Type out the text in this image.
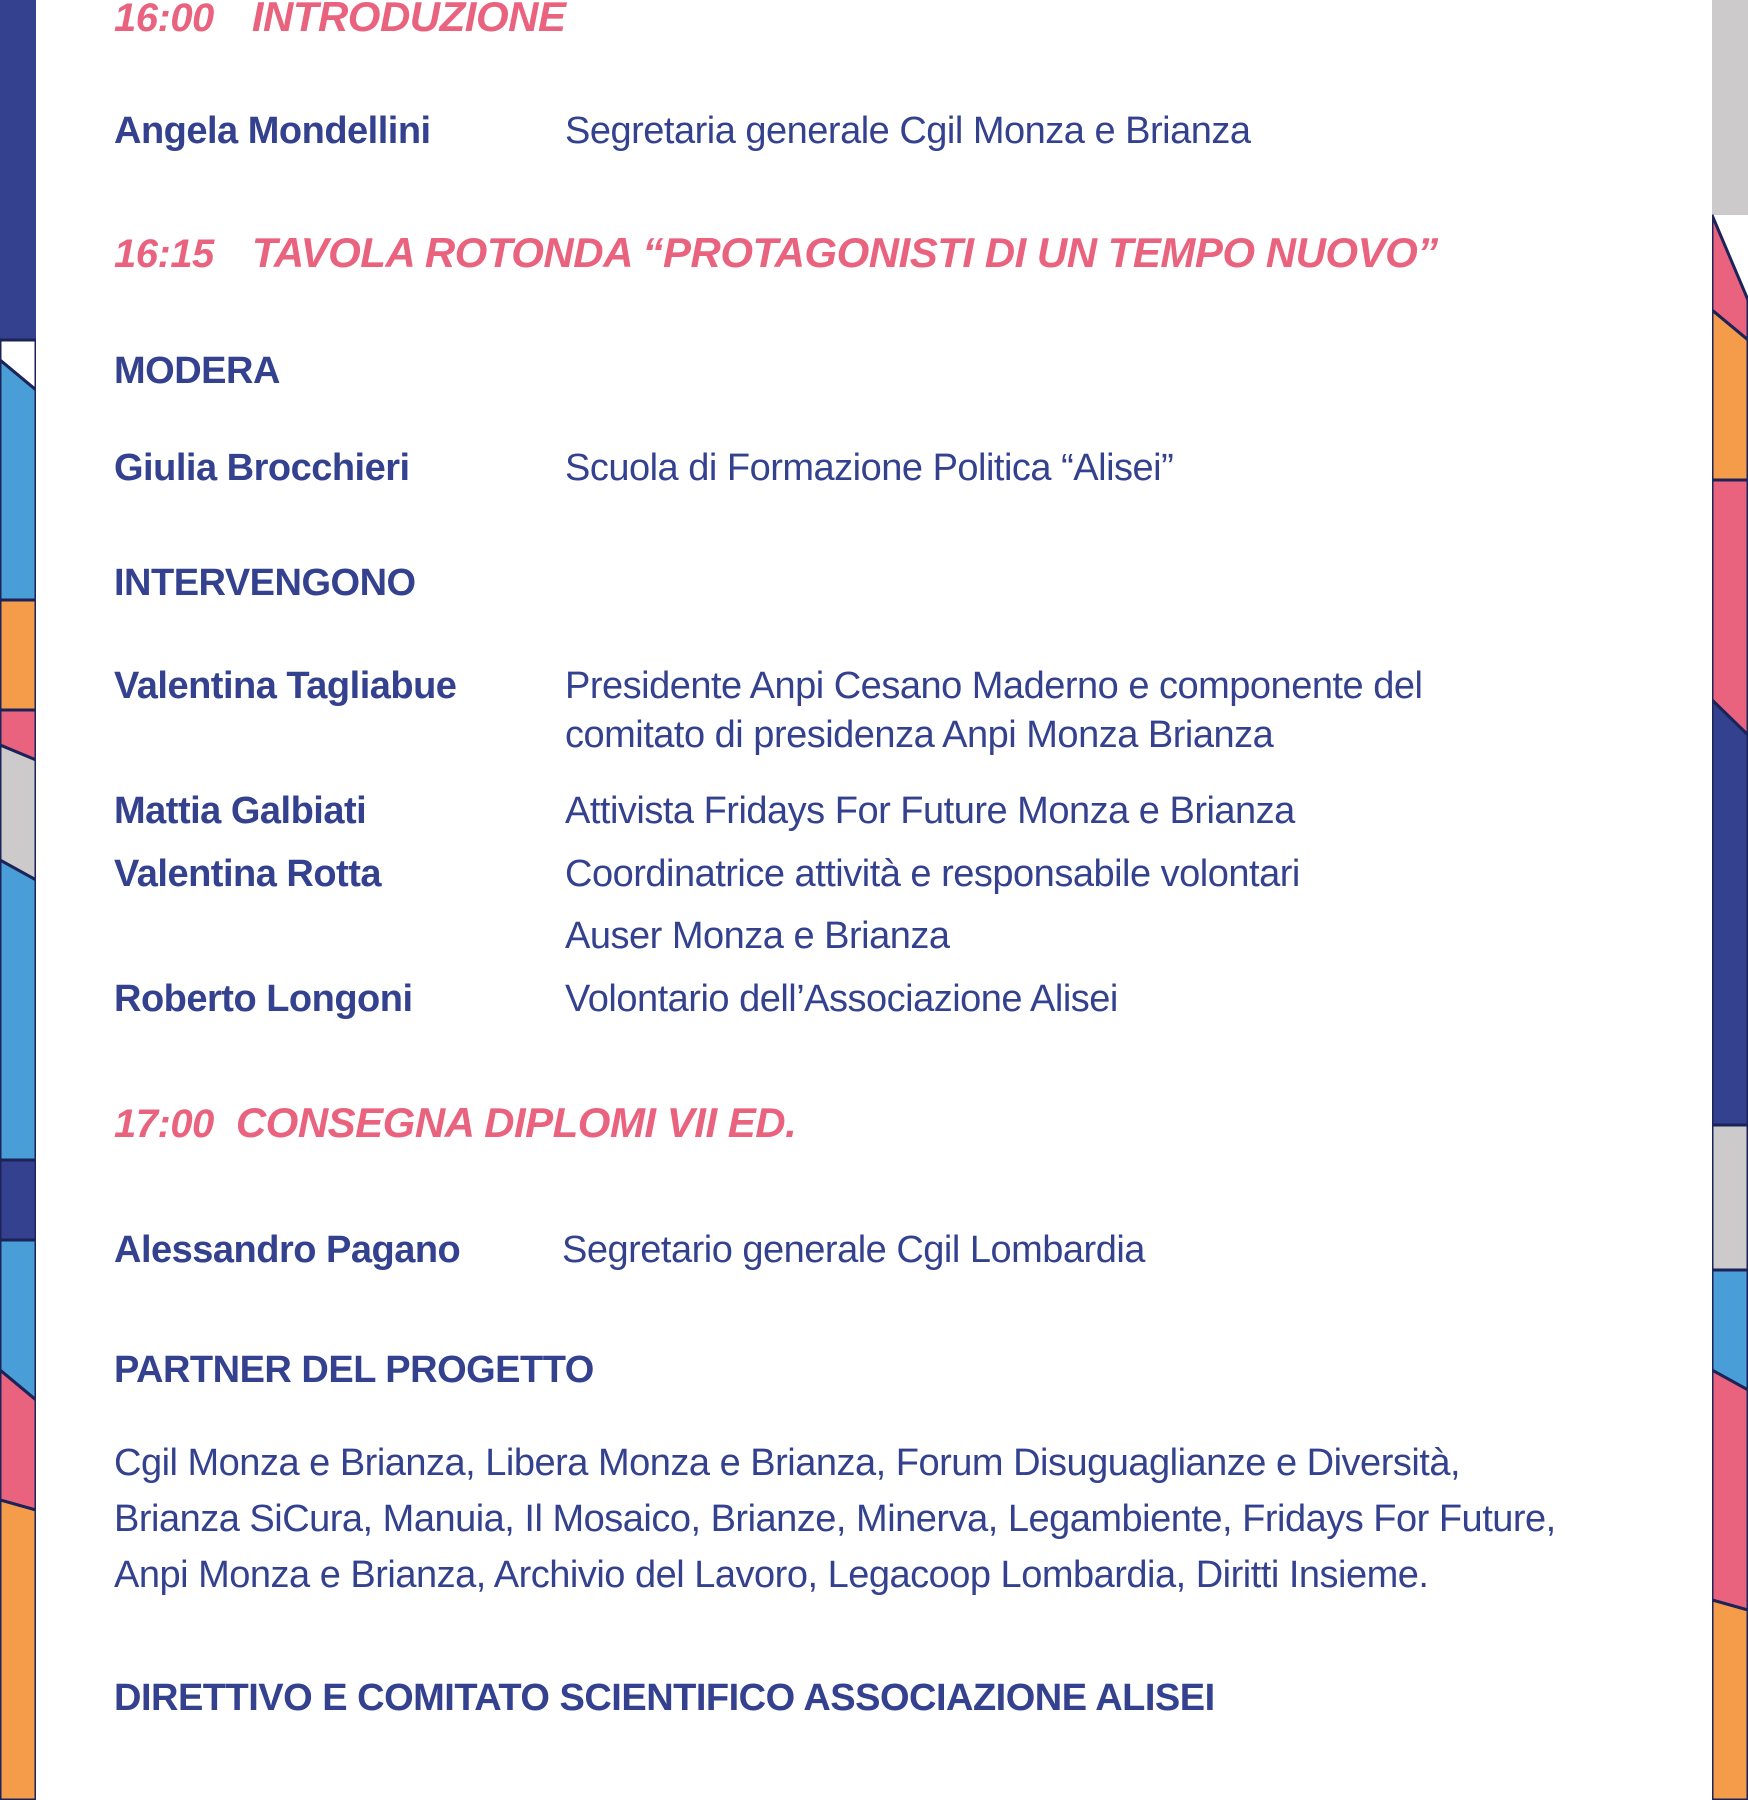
16:00 INTRODUZIONE
Angela Mondellini	Segretaria generale Cgil Monza e Brianza
16:15 TAVOLA ROTONDA “PROTAGONISTI DI UN TEMPO NUOVO”
MODERA
Giulia Brocchieri	Scuola di Formazione Politica “Alisei”
INTERVENGONO
Valentina Tagliabue	Presidente Anpi Cesano Maderno e componente del
comitato di presidenza Anpi Monza Brianza
Mattia Galbiati	Attivista Fridays For Future Monza e Brianza
Valentina Rotta	Coordinatrice attività e responsabile volontari
Auser Monza e Brianza
Roberto Longoni	Volontario dell’Associazione Alisei
17:00 CONSEGNA DIPLOMI VII ED.
Alessandro Pagano	Segretario generale Cgil Lombardia
PARTNER DEL PROGETTO

Cgil Monza e Brianza, Libera Monza e Brianza, Forum Disuguaglianze e Diversità,
Brianza SiCura, Manuia, Il Mosaico, Brianze, Minerva, Legambiente, Fridays For Future,
Anpi Monza e Brianza, Archivio del Lavoro, Legacoop Lombardia, Diritti Insieme.

DIRETTIVO E COMITATO SCIENTIFICO ASSOCIAZIONE ALISEI
